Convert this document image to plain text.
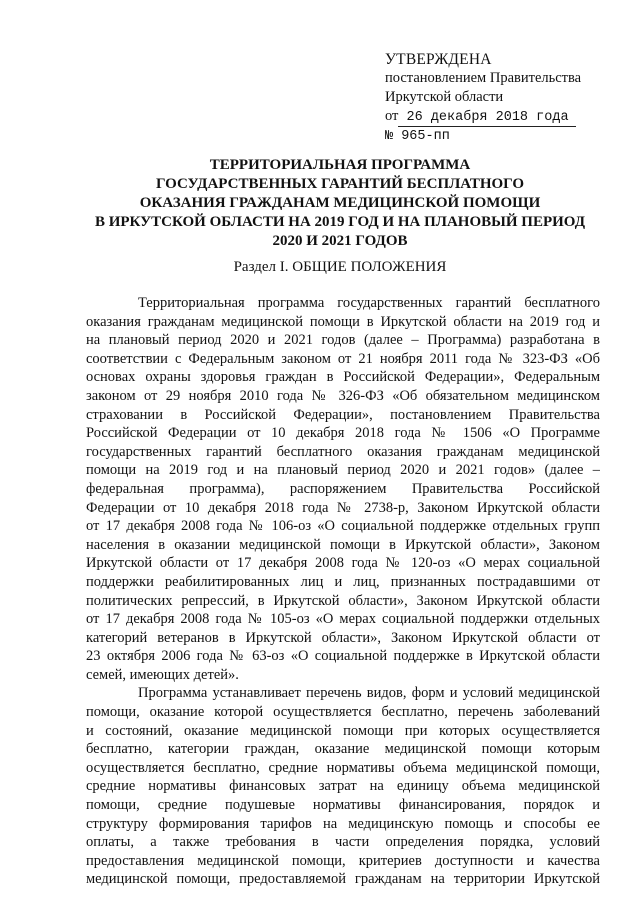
УТВЕРЖДЕНА
постановлением Правительства
Иркутской области
от 26 декабря 2018 года
№ 965-пп
ТЕРРИТОРИАЛЬНАЯ ПРОГРАММА
ГОСУДАРСТВЕННЫХ ГАРАНТИЙ БЕСПЛАТНОГО
ОКАЗАНИЯ ГРАЖДАНАМ МЕДИЦИНСКОЙ ПОМОЩИ
В ИРКУТСКОЙ ОБЛАСТИ НА 2019 ГОД И НА ПЛАНОВЫЙ ПЕРИОД
2020 И 2021 ГОДОВ
Раздел I. ОБЩИЕ ПОЛОЖЕНИЯ
Территориальная программа государственных гарантий бесплатного
оказания гражданам медицинской помощи в Иркутской области на 2019 год и
на плановый период 2020 и 2021 годов (далее – Программа) разработана в
соответствии с Федеральным законом от 21 ноября 2011 года № 323-ФЗ «Об
основах охраны здоровья граждан в Российской Федерации», Федеральным
законом от 29 ноября 2010 года № 326-ФЗ «Об обязательном медицинском
страховании в Российской Федерации», постановлением Правительства
Российской Федерации от 10 декабря 2018 года № 1506 «О Программе
государственных гарантий бесплатного оказания гражданам медицинской
помощи на 2019 год и на плановый период 2020 и 2021 годов» (далее –
федеральная программа), распоряжением Правительства Российской
Федерации от 10 декабря 2018 года № 2738-р, Законом Иркутской области
от 17 декабря 2008 года № 106-оз «О социальной поддержке отдельных групп
населения в оказании медицинской помощи в Иркутской области», Законом
Иркутской области от 17 декабря 2008 года № 120-оз «О мерах социальной
поддержки реабилитированных лиц и лиц, признанных пострадавшими от
политических репрессий, в Иркутской области», Законом Иркутской области
от 17 декабря 2008 года № 105-оз «О мерах социальной поддержки отдельных
категорий ветеранов в Иркутской области», Законом Иркутской области от
23 октября 2006 года № 63-оз «О социальной поддержке в Иркутской области
семей, имеющих детей».
Программа устанавливает перечень видов, форм и условий медицинской
помощи, оказание которой осуществляется бесплатно, перечень заболеваний
и состояний, оказание медицинской помощи при которых осуществляется
бесплатно, категории граждан, оказание медицинской помощи которым
осуществляется бесплатно, средние нормативы объема медицинской помощи,
средние нормативы финансовых затрат на единицу объема медицинской
помощи, средние подушевые нормативы финансирования, порядок и
структуру формирования тарифов на медицинскую помощь и способы ее
оплаты, а также требования в части определения порядка, условий
предоставления медицинской помощи, критериев доступности и качества
медицинской помощи, предоставляемой гражданам на территории Иркутской
